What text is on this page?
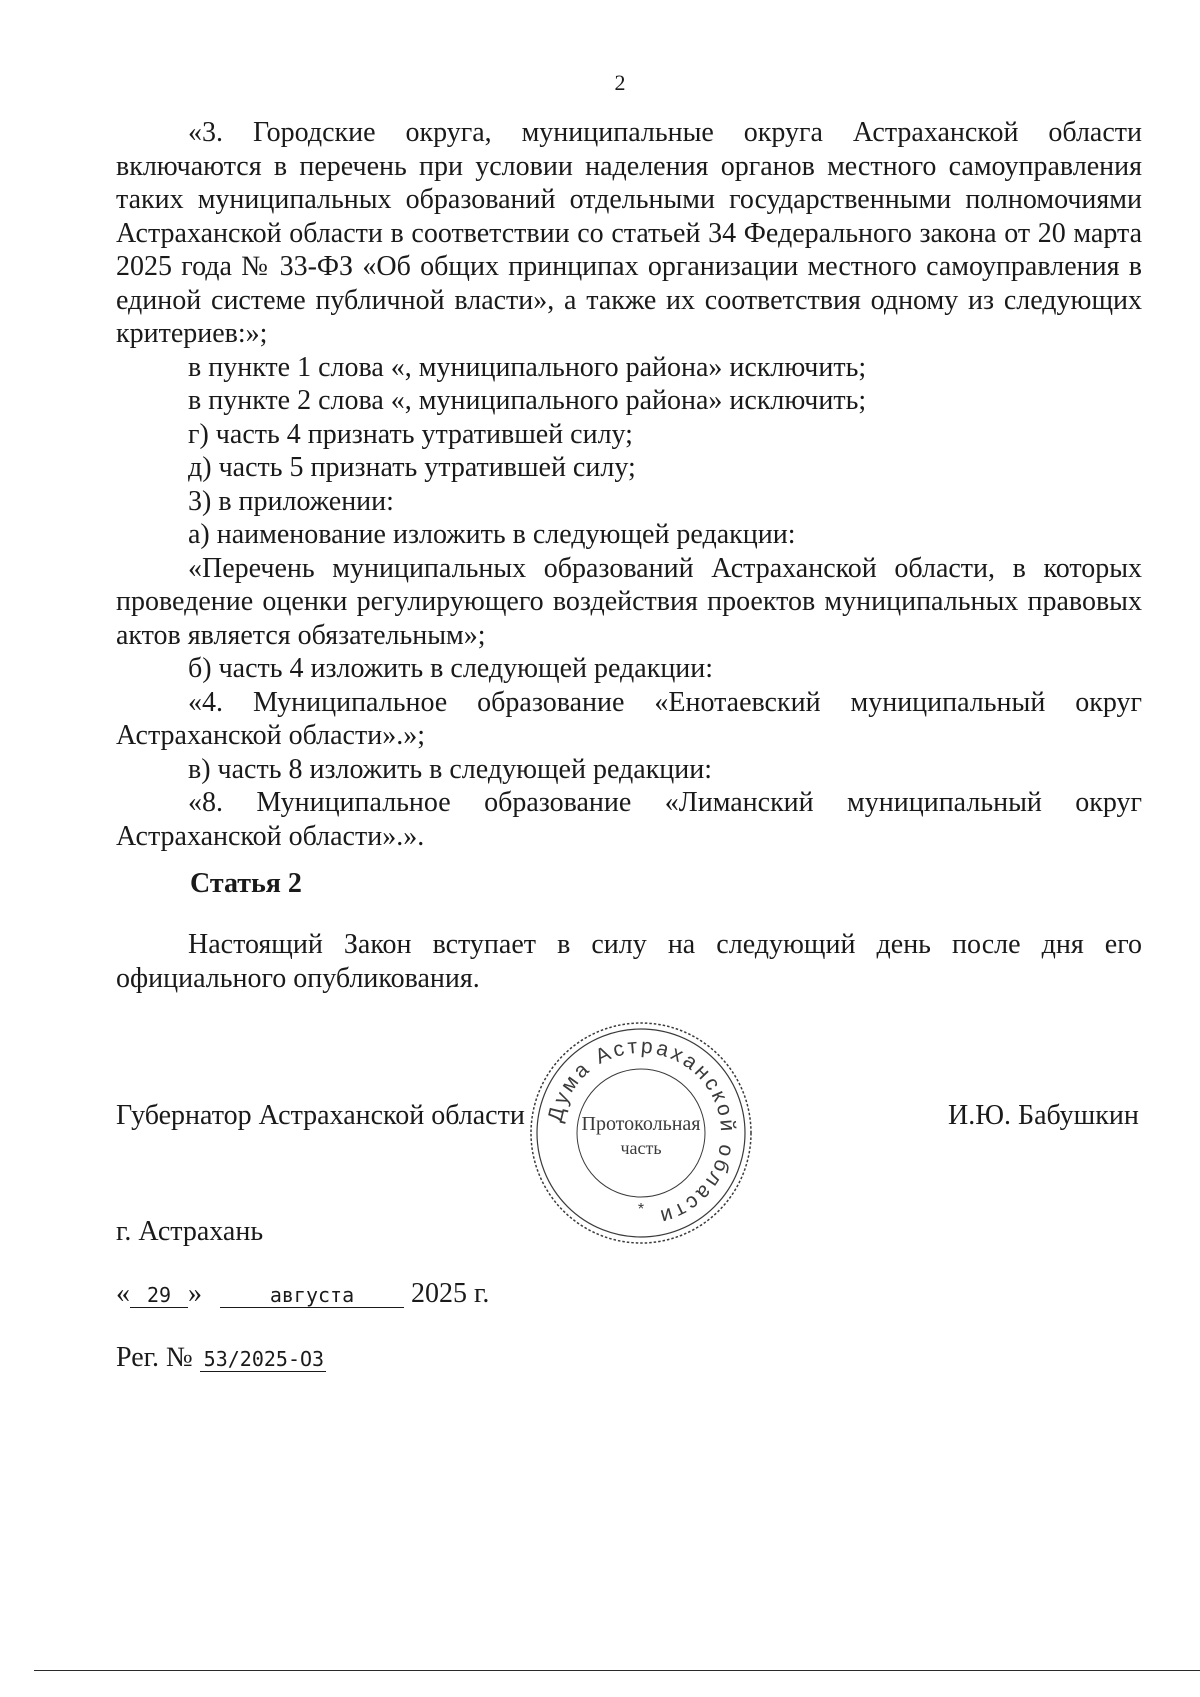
2

«3. Городские округа, муниципальные округа Астраханской области включаются в перечень при условии наделения органов местного самоуправления таких муниципальных образований отдельными государственными полномочиями Астраханской области в соответствии со статьей 34 Федерального закона от 20 марта 2025 года № 33-ФЗ «Об общих принципах организации местного самоуправления в единой системе публичной власти», а также их соответствия одному из следующих критериев:»;

в пункте 1 слова «, муниципального района» исключить;

в пункте 2 слова «, муниципального района» исключить;

г) часть 4 признать утратившей силу;

д) часть 5 признать утратившей силу;

3) в приложении:

а) наименование изложить в следующей редакции:

«Перечень муниципальных образований Астраханской области, в которых проведение оценки регулирующего воздействия проектов муниципальных правовых актов является обязательным»;

б) часть 4 изложить в следующей редакции:

«4. Муниципальное образование «Енотаевский муниципальный округ Астраханской области».»;

в) часть 8 изложить в следующей редакции:

«8. Муниципальное образование «Лиманский муниципальный округ Астраханской области».».

Статья 2

Настоящий Закон вступает в силу на следующий день после дня его официального опубликования.

Губернатор Астраханской области	И.Ю. Бабушкин
Дума Астраханской области
Протокольная
часть
*
г. Астрахань
« 29 »	августа 2025 г.
Рег. № 53/2025-ОЗ
